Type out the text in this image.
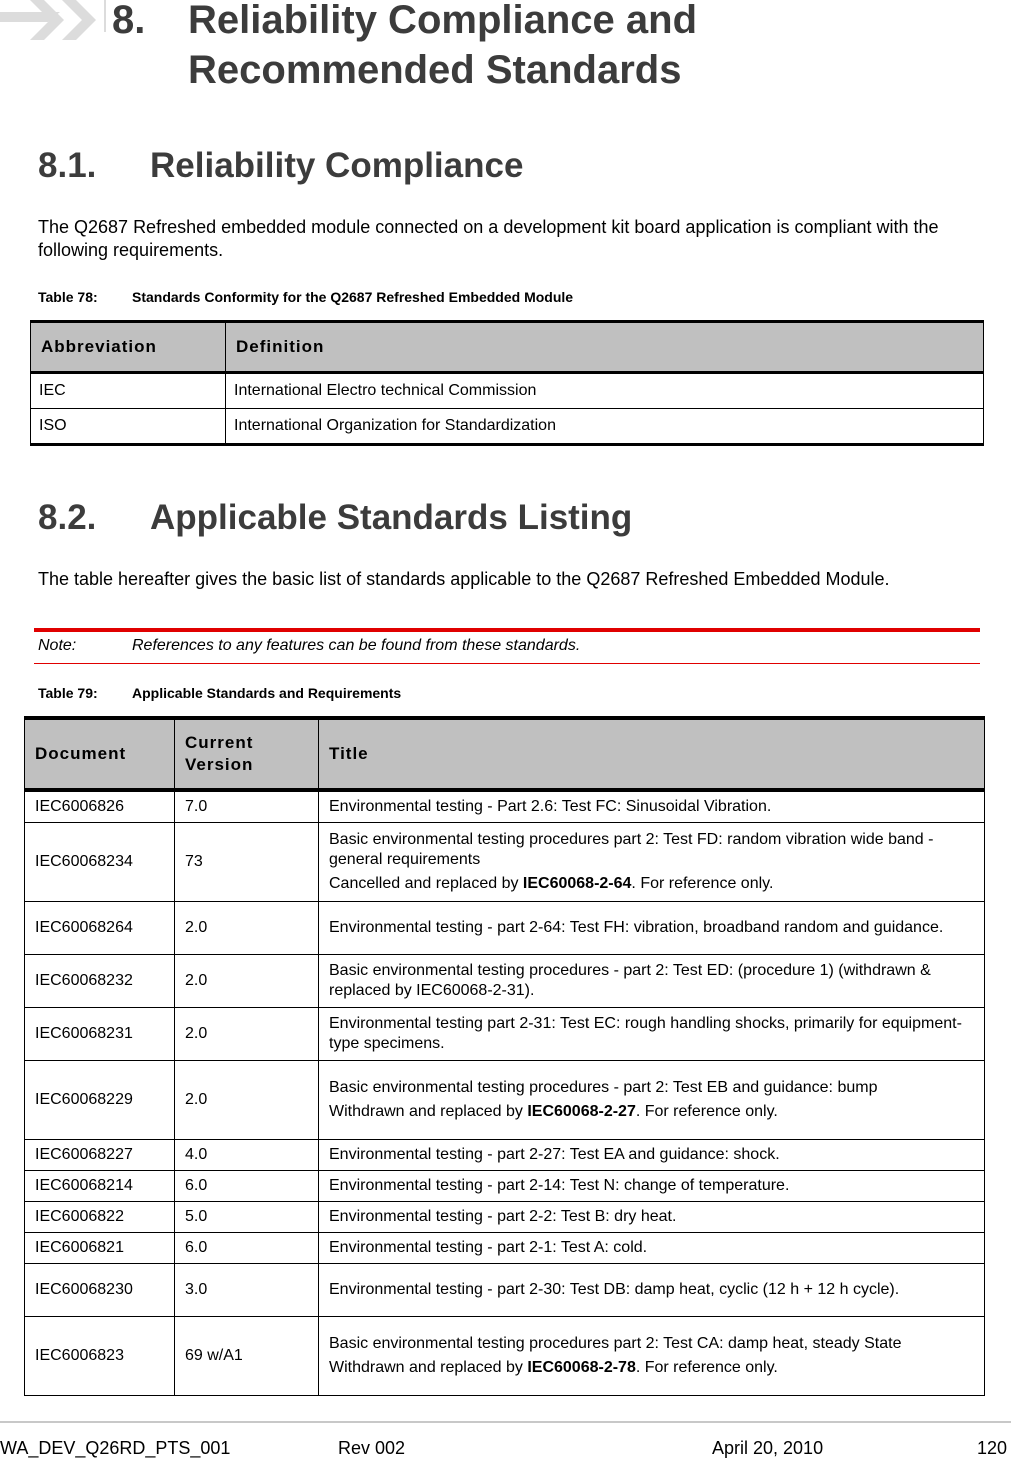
8. Reliability Compliance and
Recommended Standards
8.1. Reliability Compliance
The Q2687 Refreshed embedded module connected on a development kit board application is compliant with the following requirements.
Table 78: Standards Conformity for the Q2687 Refreshed Embedded Module
Abbreviation	Definition
IEC	International Electro technical Commission
ISO	International Organization for Standardization
8.2. Applicable Standards Listing
The table hereafter gives the basic list of standards applicable to the Q2687 Refreshed Embedded Module.
Note:	References to any features can be found from these standards.
Table 79: Applicable Standards and Requirements
Document	Current Version	Title
IEC6006826	7.0	Environmental testing - Part 2.6: Test FC: Sinusoidal Vibration.
IEC60068234	73	Basic environmental testing procedures part 2: Test FD: random vibration wide band - general requirements
Cancelled and replaced by IEC60068-2-64. For reference only.

IEC60068264	2.0	Environmental testing - part 2-64: Test FH: vibration, broadband random and guidance.
IEC60068232	2.0	Basic environmental testing procedures - part 2: Test ED: (procedure 1) (withdrawn & replaced by IEC60068-2-31).
IEC60068231	2.0	Environmental testing part 2-31: Test EC: rough handling shocks, primarily for equipment-type specimens.
IEC60068229	2.0	Basic environmental testing procedures - part 2: Test EB and guidance: bump
Withdrawn and replaced by IEC60068-2-27. For reference only.

IEC60068227	4.0	Environmental testing - part 2-27: Test EA and guidance: shock.
IEC60068214	6.0	Environmental testing - part 2-14: Test N: change of temperature.
IEC6006822	5.0	Environmental testing - part 2-2: Test B: dry heat.
IEC6006821	6.0	Environmental testing - part 2-1: Test A: cold.
IEC60068230	3.0	Environmental testing - part 2-30: Test DB: damp heat, cyclic (12 h + 12 h cycle).
IEC6006823	69 w/A1	Basic environmental testing procedures part 2: Test CA: damp heat, steady State
Withdrawn and replaced by IEC60068-2-78. For reference only.
WA_DEV_Q26RD_PTS_001	Rev 002	April 20, 2010	120
